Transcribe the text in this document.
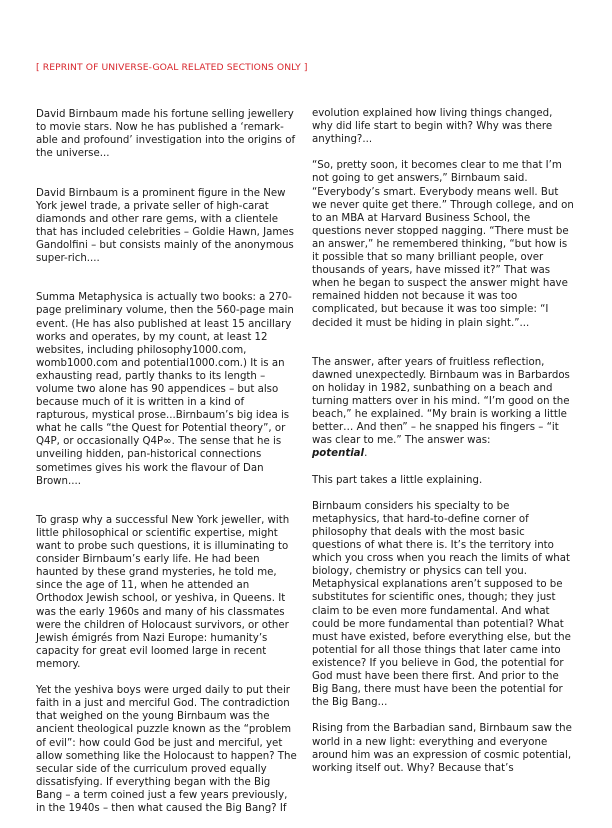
[ REPRINT OF UNIVERSE-GOAL RELATED SECTIONS ONLY ]

David Birnbaum made his fortune selling jewellery to movie stars. Now he has published a ‘remark-able and profound’ investigation into the origins of the universe...

David Birnbaum is a prominent figure in the New York jewel trade, a private seller of high-carat diamonds and other rare gems, with a clientele that has included celebrities – Goldie Hawn, James Gandolfini – but consists mainly of the anonymous super-rich....

Summa Metaphysica is actually two books: a 270-page preliminary volume, then the 560-page main event. (He has also published at least 15 ancillary works and operates, by my count, at least 12 websites, including philosophy1000.com, womb1000.com and potential1000.com.) It is an exhausting read, partly thanks to its length – volume two alone has 90 appendices – but also because much of it is written in a kind of rapturous, mystical prose...Birnbaum’s big idea is what he calls “the Quest for Potential theory”, or Q4P, or occasionally Q4P∞. The sense that he is unveiling hidden, pan-historical connections sometimes gives his work the flavour of Dan Brown....

To grasp why a successful New York jeweller, with little philosophical or scientific expertise, might want to probe such questions, it is illuminating to consider Birnbaum’s early life. He had been haunted by these grand mysteries, he told me, since the age of 11, when he attended an Orthodox Jewish school, or yeshiva, in Queens. It was the early 1960s and many of his classmates were the children of Holocaust survivors, or other Jewish émigrés from Nazi Europe: humanity’s capacity for great evil loomed large in recent memory.

Yet the yeshiva boys were urged daily to put their faith in a just and merciful God. The contradiction that weighed on the young Birnbaum was the ancient theological puzzle known as the “problem of evil”: how could God be just and merciful, yet allow something like the Holocaust to happen? The secular side of the curriculum proved equally dissatisfying. If everything began with the Big Bang – a term coined just a few years previously, in the 1940s – then what caused the Big Bang? If

evolution explained how living things changed, why did life start to begin with? Why was there anything?...

“So, pretty soon, it becomes clear to me that I’m not going to get answers,” Birnbaum said. “Everybody’s smart. Everybody means well. But we never quite get there.” Through college, and on to an MBA at Harvard Business School, the questions never stopped nagging. “There must be an answer,” he remembered thinking, “but how is it possible that so many brilliant people, over thousands of years, have missed it?” That was when he began to suspect the answer might have remained hidden not because it was too complicated, but because it was too simple: “I decided it must be hiding in plain sight.”...

The answer, after years of fruitless reflection, dawned unexpectedly. Birnbaum was in Barbardos on holiday in 1982, sunbathing on a beach and turning matters over in his mind. “I’m good on the beach,” he explained. “My brain is working a little better… And then” – he snapped his fingers – “it was clear to me.” The answer was:
potential.

This part takes a little explaining.

Birnbaum considers his specialty to be metaphysics, that hard-to-define corner of philosophy that deals with the most basic questions of what there is. It’s the territory into which you cross when you reach the limits of what biology, chemistry or physics can tell you. Metaphysical explanations aren’t supposed to be substitutes for scientific ones, though; they just claim to be even more fundamental. And what could be more fundamental than potential? What must have existed, before everything else, but the potential for all those things that later came into existence? If you believe in God, the potential for God must have been there first. And prior to the Big Bang, there must have been the potential for the Big Bang...

Rising from the Barbadian sand, Birnbaum saw the world in a new light: everything and everyone around him was an expression of cosmic potential, working itself out. Why? Because that’s
